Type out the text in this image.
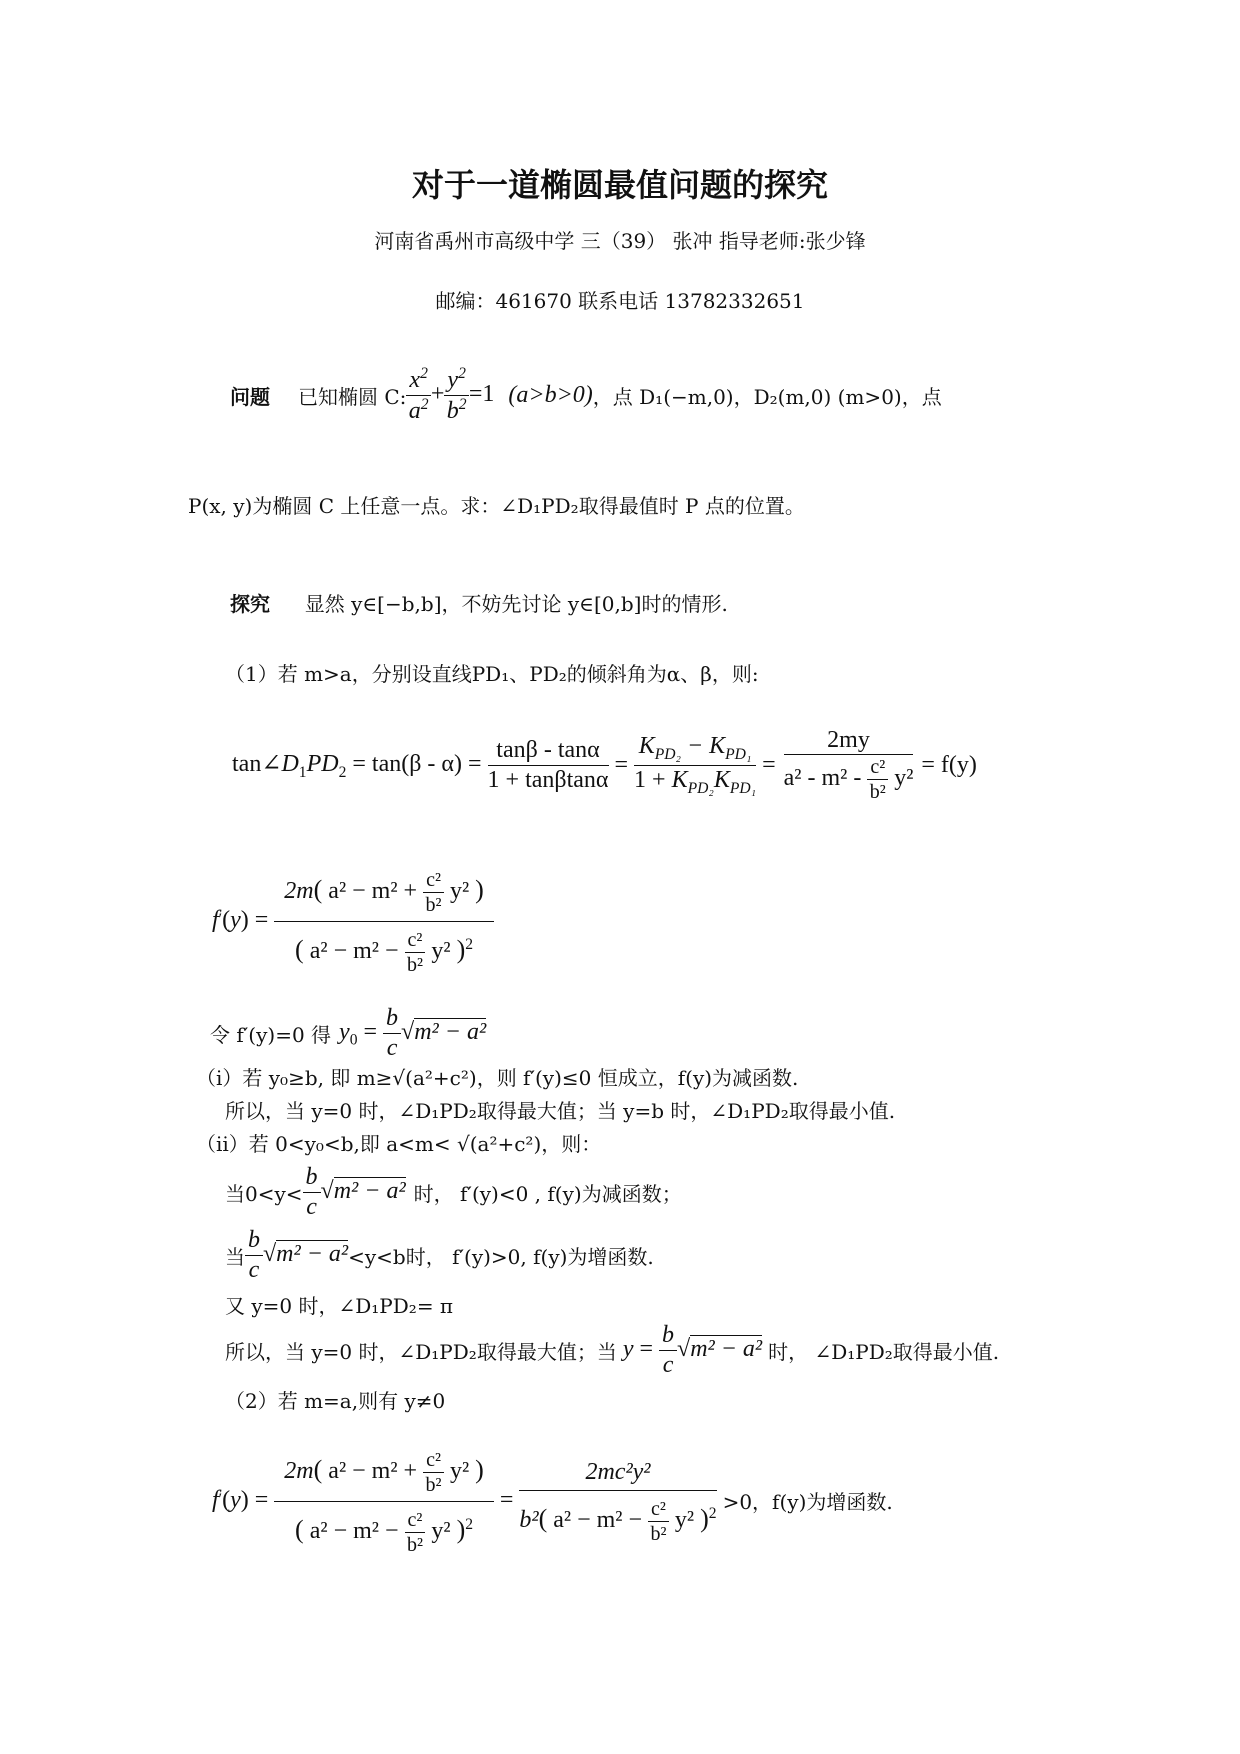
对于一道椭圆最值问题的探究
河南省禹州市高级中学 三（39） 张冲 指导老师:张少锋
邮编：461670 联系电话 13782332651
问题 已知椭圆 C: $\frac{x^2}{a^2} + \frac{y^2}{b^2} =1$ (a>b>0) ，点 D₁(−m,0)，D₂(m,0) (m>0)，点
P(x, y)为椭圆 C 上任意一点。求：∠D₁PD₂取得最值时 P 点的位置。
探究 显然 y∈[−b,b]，不妨先讨论 y∈[0,b]时的情形.
（1）若 m>a，分别设直线PD₁、PD₂的倾斜角为α、β，则:
$\tan\angle D_1PD_2 = \tan(\beta - \alpha) = \frac{\tan\beta - \tan\alpha}{1 + \tan\beta\tan\alpha} = \frac{K_{PD_2} - K_{PD_1}}{1 + K_{PD_2}K_{PD_1}} = \frac{2my}{a^2 - m^2 - \frac{\text{c²}}{\text{b²}} y^2} = f(y)$
f ′ ( y ) = $\frac{2m( a^2 - m^2 + \frac{\text{c²}}{\text{b²}} y^2 )}{( a^2 - m^2 - \frac{\text{c²}}{\text{b²}} y^2 )^2}$
令 f′(y)=0 得 $y_0 = \frac{b}{c} √m^2 - a^2$
（ⅰ）若 y₀≥b, 即 m≥√(a²+c²)，则 f′(y)≤0 恒成立，f(y)为减函数.
所以，当 y=0 时，∠D₁PD₂取得最大值；当 y=b 时，∠D₁PD₂取得最小值.
（ⅱ）若 0<y₀<b,即 a<m< √(a²+c²)，则：
当$0<y< \frac{b}{c} √m^2 - a^2$ 时， f′(y)<0 , f(y)为减函数；
当 $\frac{b}{c} √m^2 - a^2 <y<b$时， f′(y)>0, f(y)为增函数.
又 y=0 时，∠D₁PD₂= π
所以，当 y=0 时，∠D₁PD₂取得最大值；当 $y = \frac{b}{c} √m^2 - a^2$ 时， ∠D₁PD₂取得最小值.
（2）若 m=a,则有 y≠0
f ′ ( y ) = $\frac{2m( a^2 - m^2 + \frac{\text{c²}}{\text{b²}} y^2 )}{( a^2 - m^2 - \frac{\text{c²}}{\text{b²}} y^2 )^2} = \frac{\text{2mc²y²}}{b^2( a^2 - m^2 - \frac{\text{c²}}{\text{b²}} y^2 )^2} >0$，f(y)为增函数.
